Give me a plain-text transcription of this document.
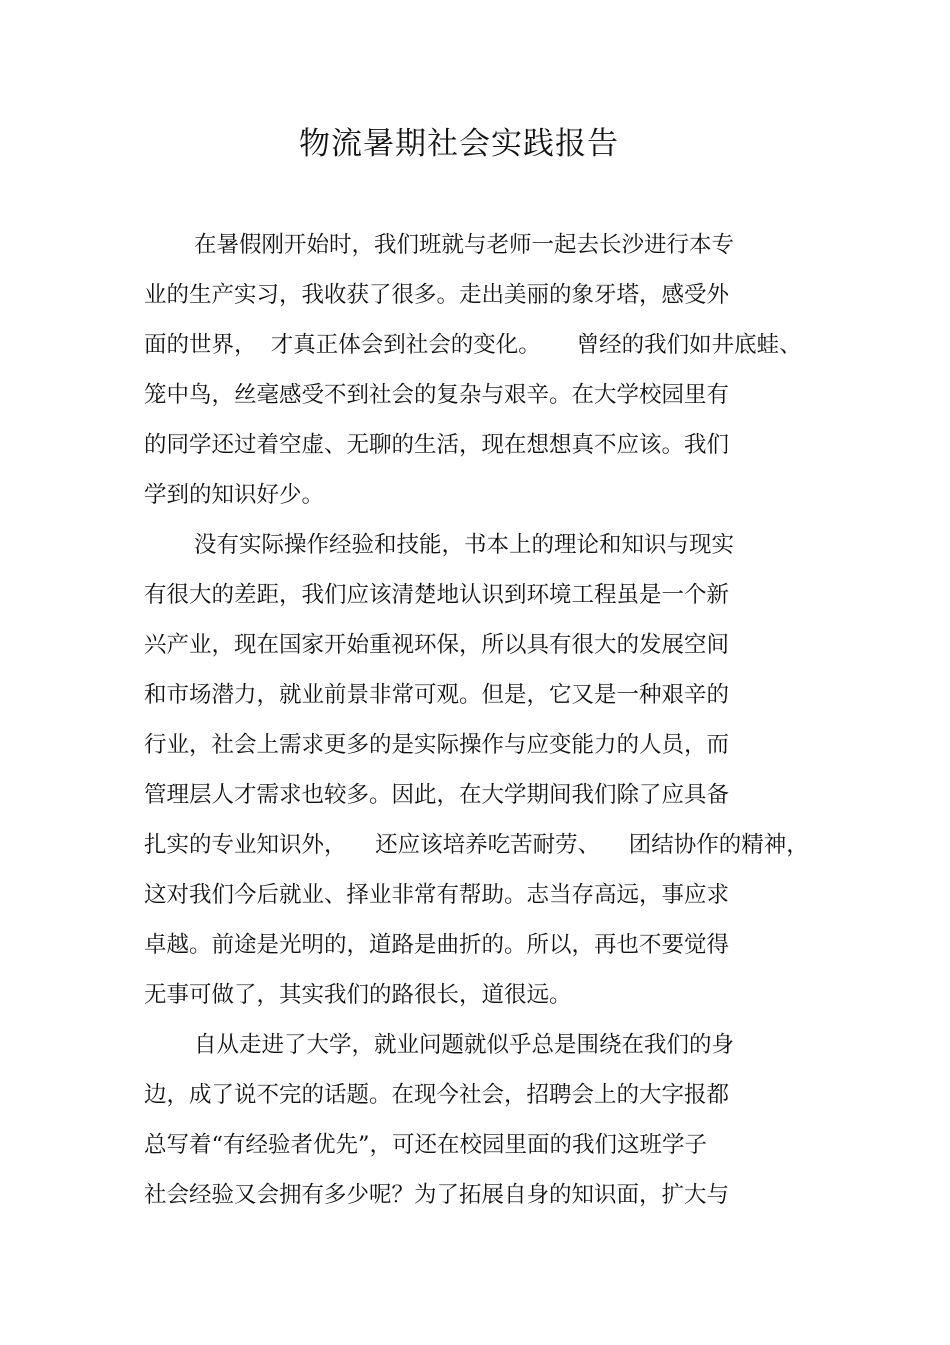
物流暑期社会实践报告
在暑假刚开始时，我们班就与老师一起去长沙进行本专
业的生产实习，我收获了很多。走出美丽的象牙塔，感受外
面的世界，  才真正体会到社会的变化。     曾经的我们如井底蛙、
笼中鸟，丝毫感受不到社会的复杂与艰辛。在大学校园里有
的同学还过着空虚、无聊的生活，现在想想真不应该。我们
学到的知识好少。
没有实际操作经验和技能，书本上的理论和知识与现实
有很大的差距，我们应该清楚地认识到环境工程虽是一个新
兴产业，现在国家开始重视环保，所以具有很大的发展空间
和市场潜力，就业前景非常可观。但是，它又是一种艰辛的
行业，社会上需求更多的是实际操作与应变能力的人员，而
管理层人才需求也较多。因此，在大学期间我们除了应具备
扎实的专业知识外，    还应该培养吃苦耐劳、    团结协作的精神，
这对我们今后就业、择业非常有帮助。志当存高远，事应求
卓越。前途是光明的，道路是曲折的。所以，再也不要觉得
无事可做了，其实我们的路很长，道很远。
自从走进了大学，就业问题就似乎总是围绕在我们的身
边，成了说不完的话题。在现今社会，招聘会上的大字报都
总写着“有经验者优先”，可还在校园里面的我们这班学子
社会经验又会拥有多少呢？为了拓展自身的知识面，扩大与
